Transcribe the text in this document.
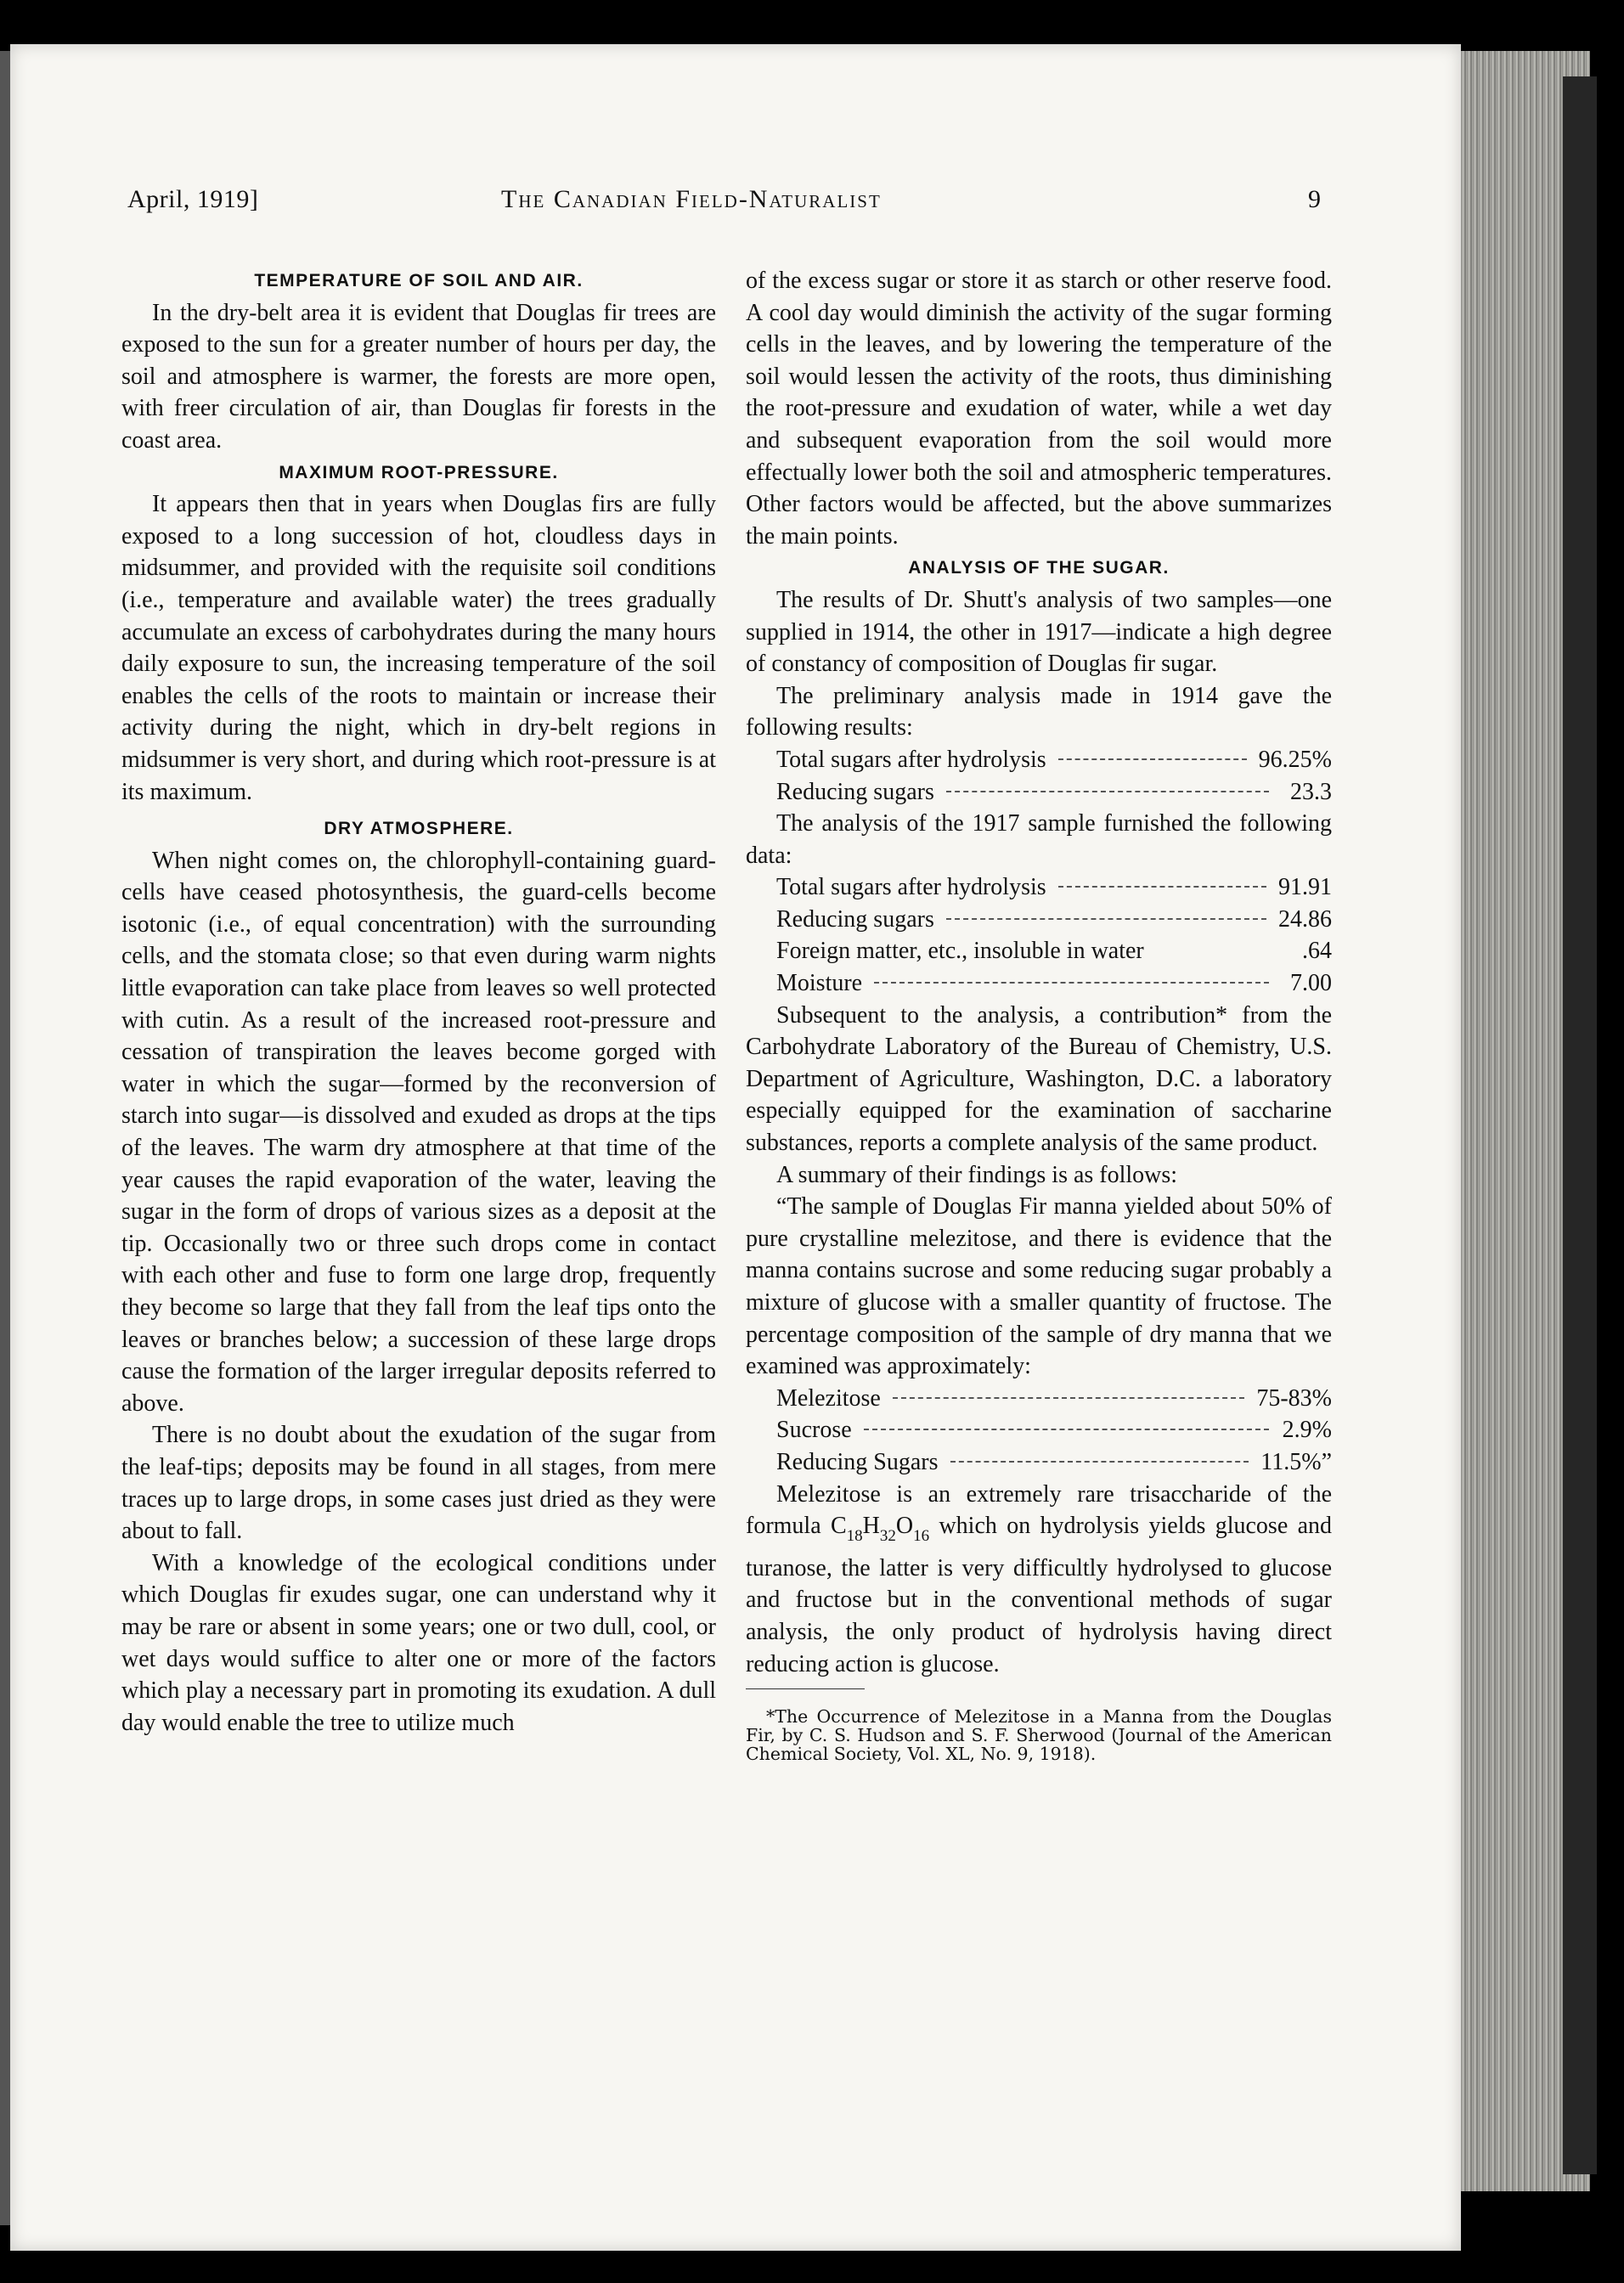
April, 1919]	The Canadian Field-Naturalist	9
TEMPERATURE OF SOIL AND AIR.

In the dry-belt area it is evident that Douglas fir trees are exposed to the sun for a greater number of hours per day, the soil and atmosphere is warmer, the forests are more open, with freer circulation of air, than Douglas fir forests in the coast area.

MAXIMUM ROOT-PRESSURE.

It appears then that in years when Douglas firs are fully exposed to a long succession of hot, cloudless days in midsummer, and provided with the requisite soil conditions (i.e., temperature and available water) the trees gradually accumulate an excess of carbohydrates during the many hours daily exposure to sun, the increasing temperature of the soil enables the cells of the roots to maintain or increase their activity during the night, which in dry-belt regions in midsummer is very short, and during which root-pressure is at its maximum.

DRY ATMOSPHERE.

When night comes on, the chlorophyll-containing guard-cells have ceased photosynthesis, the guard-cells become isotonic (i.e., of equal concentration) with the surrounding cells, and the stomata close; so that even during warm nights little evaporation can take place from leaves so well protected with cutin. As a result of the increased root-pressure and cessation of transpiration the leaves become gorged with water in which the sugar—formed by the reconversion of starch into sugar—is dissolved and exuded as drops at the tips of the leaves. The warm dry atmosphere at that time of the year causes the rapid evaporation of the water, leaving the sugar in the form of drops of various sizes as a deposit at the tip. Occasionally two or three such drops come in contact with each other and fuse to form one large drop, frequently they become so large that they fall from the leaf tips onto the leaves or branches below; a succession of these large drops cause the formation of the larger irregular deposits referred to above.

There is no doubt about the exudation of the sugar from the leaf-tips; deposits may be found in all stages, from mere traces up to large drops, in some cases just dried as they were about to fall.

With a knowledge of the ecological conditions under which Douglas fir exudes sugar, one can understand why it may be rare or absent in some years; one or two dull, cool, or wet days would suffice to alter one or more of the factors which play a necessary part in promoting its exudation. A dull day would enable the tree to utilize much

of the excess sugar or store it as starch or other reserve food. A cool day would diminish the activity of the sugar forming cells in the leaves, and by lowering the temperature of the soil would lessen the activity of the roots, thus diminishing the root-pressure and exudation of water, while a wet day and subsequent evaporation from the soil would more effectually lower both the soil and atmospheric temperatures. Other factors would be affected, but the above summarizes the main points.

ANALYSIS OF THE SUGAR.

The results of Dr. Shutt's analysis of two samples—one supplied in 1914, the other in 1917—indicate a high degree of constancy of composition of Douglas fir sugar.

The preliminary analysis made in 1914 gave the following results:

Total sugars after hydrolysis	96.25%
Reducing sugars	23.3

The analysis of the 1917 sample furnished the following data:

Total sugars after hydrolysis	91.91
Reducing sugars	24.86
Foreign matter, etc., insoluble in water	.64
Moisture	7.00

Subsequent to the analysis, a contribution* from the Carbohydrate Laboratory of the Bureau of Chemistry, U.S. Department of Agriculture, Washington, D.C. a laboratory especially equipped for the examination of saccharine substances, reports a complete analysis of the same product.

A summary of their findings is as follows:

“The sample of Douglas Fir manna yielded about 50% of pure crystalline melezitose, and there is evidence that the manna contains sucrose and some reducing sugar probably a mixture of glucose with a smaller quantity of fructose. The percentage composition of the sample of dry manna that we examined was approximately:

Melezitose	75-83%
Sucrose	2.9%
Reducing Sugars	11.5%”

Melezitose is an extremely rare trisaccharide of the formula $C_{18}H_{32}O_{16}$ which on hydrolysis yields glucose and turanose, the latter is very difficultly hydrolysed to glucose and fructose but in the conventional methods of sugar analysis, the only product of hydrolysis having direct reducing action is glucose.

*The Occurrence of Melezitose in a Manna from the Douglas Fir, by C. S. Hudson and S. F. Sherwood (Journal of the American Chemical Society, Vol. XL, No. 9, 1918).
